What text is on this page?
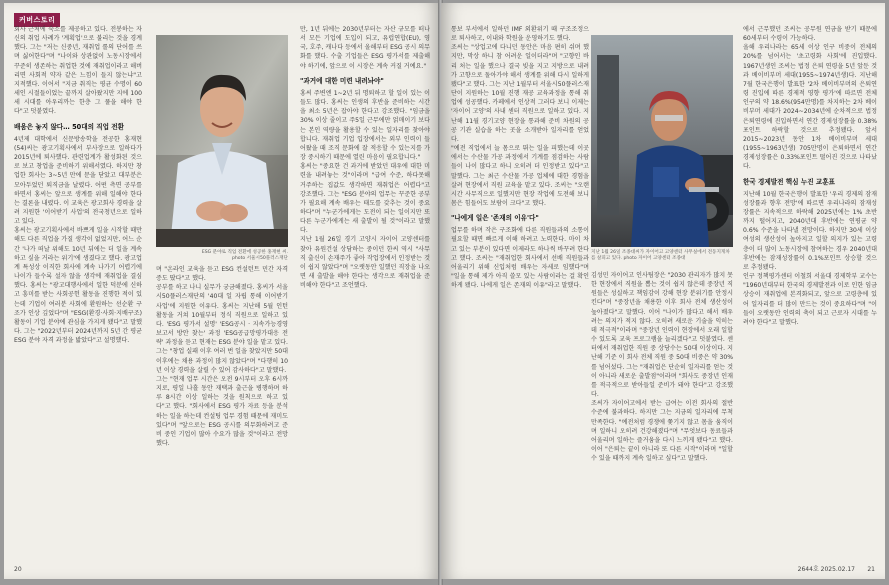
커버스토리

회사 근처에 숙소를 제공하고 있다. 전봉하는 자신의 취업 사례가 '계획업'으로 불리는 것을 경계했다. 그는 "저는 신중년, 재취업 롤의 단어를 쓰며 싫어한다"며 "나이와 상관없이 노동시장에서 꾸준히 생존하는 취업한 것에 재취업이라고 해버리면 사회적 약자 같은 느낌이 들지 않는냐"고 지적했다. 이어서 "지금 취직는 평균 수명이 60세인 시절들이었는 끝까지 살아왔지만 지에 100세 시대를 아우리까는 한층 그 풀을 해야 한다"고 덧붙였다.

배움은 놓지 않다… 50대의 직업 전환

4년제 대학에서 신문방송학을 전공한 홍재현(54)씨는 광고기획사에서 부사장으로 일하다가 2015년에 퇴사했다. 관련업계가 활성화된 것으로 보고 창업을 준비하기 위해서였다. 하지만 창업한 회사는 3~5년 만에 문을 닫았고 대부분은 모아두었던 퇴직금을 날렸다. 어떤 측면 공부를 하면서 홍씨는 앞으로 생계를 위해 일해야 한다는 결론을 내렸다. 이 교육은 광고회사 경력을 살려 지원한 '이어받기 사업'의 전국청년으로 일하고 있다.

홍씨는 광고기획사에서 바쁘게 일을 시작할 때만 해도 다른 직업을 가질 생각이 없었지만, 어느 순간 '나가 떠날 위해도 10년 뒤에는 더 일을 계속 하고 싶을 거라는 위기'에 생겼다고 했다. 광고업계 특성상 이직한 회사에 계속 나가기 어렵기에 나이가 들수록 설자 않을 생각에 재취업을 결심했다. 홍씨는 "광고대행사에서 일한 덕분에 신하고 흥미를 받는 사회공헌 활동을 진행한 적이 있는데 기업이 여러분 사회에 환원하는 선순환 구조가 인상 깊었다"며 "ESG(환경·사회·지배구조) 활동이 기업 분야에 관심을 가지게 됐다"고 말했다. 그는 "2022년부터 2024년까지 5년 간 평균 ESG 분야 자격 과정을 밟았다"고 설명했다.

ESG 분야로 직업 전환에 성공한 홍재현 씨.
photo 서울시50플러스재단

며 "온라인 교육을 듣고 ESG 컨설턴트 민간 자격증도 땄다"고 했다.

공부를 하고 나니 실무가 궁금해졌다. 홍씨가 서울시50플러스재단의 '40대 일 자립 통해 이어받기 사업'에 지원한 이유다. 홍씨는 지난해 5월 인턴 활동을 거쳐 10월부터 정식 직원으로 일하고 있다. 'ESG 평가서 설명' 'ESG공시 · 지속가능경영보고서 방안 찾는' 과정 'ESG공급망평가대응 전략' 과정을 듣고 현재는 ESG 분야 일을 맡고 있다. 그는 "창업 실패 이후 여러 번 일을 찾았지만 50대 이후에는 채용 과정이 많지 않았다"며 "다행히 10년 이상 경력을 살릴 수 있어 감사하다"고 말했다.

그는 "현재 업무 시간은 오전 9시부터 오후 6시까지로, 평일 나흘 동안 재택과 출근을 병행하며 하루 8시간 이상 일하는 것을 원칙으로 하고 있다"고 했다. "회사에서 ESG 평가 자료 등을 분석하는 일을 하는데 컨설팅 업무 경험 때문에 재미도 있다"며 "앞으로는 ESG 공시를 의무화하려고 준비 중인 기업이 많아 수요가 많을 것"이라고 전망했다.

만, 1년 뒤에는 2030년부터는 자산 규모를 떠나서 모든 기업에 도입이 되고, 유럽연합(EU), 영국, 호주, 캐나다 등에서 올해부터 ESG 공시 의무화를 했다. 수출 기업들은 ESG 평가서를 제출해야 하기에, 앞으로 이 시장은 계속 커질 거예요."

"과거에 대한 미련 내려놔야"

홍씨 주변엔 1~2년 뒤 명퇴하고 할 일이 있는 이들도 많다. 홍씨는 인생의 후반을 준비하는 시간을 최소 5년은 잡아야 한다고 강조했다. "임금을 30% 이상 줄이고 주5일 근무에만 얽매이기 보다는 본인 역량을 활용할 수 있는 일자리를 찾아야 합니다. 재취업 기업 입장에서는 외부 인력이 들어왔을 때 조직 문화에 잘 적응할 수 있는지를 가장 중시하기 때문에 열린 마음이 필요합니다."

홍씨는 "중요한 건 과거에 받았던 대우에 대한 미련을 내려놓는 것"이라며 "급여 수준, 하다못해 거주하는 집값도 생각하면 재취업은 어렵다"고 강조했다. 그는 "ESG 분야의 업무는 꾸준한 공부가 필요해 계속 배우는 태도를 갖추는 것이 중요하다"며 "누군가에게는 도전이 되는 일이지만 또 다른 누군가에게는 새 출발이 될 것"이라고 말했다.

지난 1월 26일 경기 고양시 자이어 고양센터를 찾아 유원건설 상담하는 중이던 한씨 역시 "사무직 출신이 손재주가 좋아 작업장에서 인정받는 것이 쉽지 않았다"며 "오랫동안 일했던 직장을 나오면 새 출발을 해야 한다는 생각으로 재취업을 준비해야 한다"고 조언했다.

20

통보 부서에서 일하던 IMF 외환위기 때 구조조정으로 퇴사하고, 이내와 학원을 운영하기도 했다.

조씨는 "상업고에 다니던 동안은 마음 편히 쉬며 했지만, 막상 하니 참 어려운 일이더라"며 "고향인 바리 처는 일을 했으나 결국 빚을 지고 지방으로 내려가 고향으로 돌아가야 해서 생계를 위해 다시 일하게 됐다"고 했다. 그는 지난 1월부터 서울시50플러스재단이 지원하는 10월 진행 재공 교육과정을 통해 취업에 성공했다. 카페에서 인상적 그러다 보니 이제는 '자이어 고양'의 사내 센터 직원으로 일하고 있다. 지난해 11월 경기고양 현장을 통과해 준비 차원의 공공 기관 실습을 하는 곳을 소개받아 일자리를 얻었다.

"예전 직업에서 늘 몸으로 뛰는 일을 피했는데 이곳에서는 수산물 가공 과정에서 기계를 점검하는 사람들이 나이 많다고 하니 오히려 더 인정받고 있다"고 말했다. 그는 최근 수산물 가공 업체에 대한 경험을 살려 현장에서 직원 교육을 맡고 있다. 조씨는 "오랜 시간 사무직으로 일했지만 현장 작업에 도전해 보니 몸은 힘들어도 보람이 크다"고 했다.

"나에게 일은 '존재의 이유'다"

업무를 하며 작은 구조화에 다른 직원들과의 소통이 필요할 때면 빠르게 이해 하려고 노력한다. 마이 차고 있는 부분이 있다면 이제라도 하나씩 바꾸려 한다고 했다. 조씨는 "재취업한 회사에서 선배 직원들과 어울리기 위해 신입처럼 배우는 자세로 임했다"며 "일을 통해 제가 아직 쓸모 있는 사람이라는 걸 확인하게 됐다. 나에게 일은 존재의 이유"라고 말했다.

지난 1월 26일 조종대씨가 자이어고 고양센터 사무실에서 전동지게차를 살피고 있다. photo 자이어 고양센터 조종대

김성민 자이어고 인사팀장은 "2030 관리자가 많지 못한 현장에서 직원을 뽑는 것이 쉽지 않은데 중장년 직원들은 성실하고 책임감이 강해 현장 분위기를 안정시킨다"며 "중장년을 채용한 이후 회사 전체 생산성이 높아졌다"고 말했다. 이어 "나이가 많다고 해서 배우려는 의지가 적지 않다. 오히려 새로운 기술을 익히는 데 적극적"이라며 "중장년 인력이 현장에서 오래 일할 수 있도록 교육 프로그램을 늘리겠다"고 덧붙였다. 센터에서 재취업한 직원 중 상당수는 50대 이상이다. 지난해 기준 이 회사 전체 직원 중 50대 비중은 약 30%를 넘어섰다. 그는 "재취업은 단순히 일자리를 얻는 것이 아니라 새로운 출발점"이라며 "회사도 중장년 인재를 적극적으로 받아들일 준비가 돼야 한다"고 강조했다.

조씨가 자이어고에서 받는 급여는 이전 회사의 절반 수준에 불과하다. 하지만 그는 지금의 일자리에 무척 만족한다. "예전처럼 경쟁에 쫓기지 않고 몸을 움직이며 일하니 오히려 건강해졌다"며 "무엇보다 동료들과 어울리며 일하는 즐거움을 다시 느끼게 됐다"고 했다. 이어 "은퇴는 끝이 아니라 또 다른 시작"이라며 "일할 수 있을 때까지 계속 일하고 싶다"고 말했다.

에서 근무했던 조씨는 공무원 연금을 받기 때문에 60세부터 수령이 가능하다.

올해 우리나라는 65세 이상 인구 비중이 전체의 20%를 넘어서는 '초고령화 사회'에 진입했다. 1967년생인 조씨는 법정 은퇴 연령을 5년 앞둔 것과 베이비부머 세대(1955~1974년생)다. 지난해 7월 한국은행이 발표한 '2차 베이비부머의 은퇴연령 진입에 따른 경제적 영향 평가'에 따르면 전체 인구의 약 18.6%(954만명)를 차지하는 2차 베이비부머 세대가 2024~2034년에 순차적으로 법정 은퇴연령에 진입하면서 연간 경제성장률을 0.38%포인트 하락할 것으로 추정됐다. 앞서 2015~2023년 동안 1차 베이비부머 세대(1955~1963년생) 705만명이 은퇴하면서 연간 경제성장률은 0.33%포인트 떨어진 것으로 나타났다.

한국 경제발전 핵심 누진 교훈표

지난해 10월 한국은행이 발표한 '우리 경제의 잠재성장률과 향후 전망'에 따르면 우리나라의 잠재성장률은 지속적으로 하락해 2025년에는 1% 초반까지 떨어지고, 2040년대 후반에는 연평균 약 0.6% 수준을 나타낼 전망이다. 하지만 30세 이상 여성의 생산성이 높아지고 일할 의지가 있는 고령층이 더 많이 노동시장에 참여하는 경우 2040년대 후반에는 잠재성장률이 0.1%포인트 상승할 것으로 추정됐다.

인구 정책평가센터 이철희 서울대 경제학부 교수는 "1960년대부터 한국의 경제발전과 이로 인한 임금 상승이 재취업에 본격화되고, 앞으로 고령층에 있어 일자리를 더 많이 만드는 것이 중요하다"며 "이 들이 오랫동안 인력의 축이 되고 근로자 시대를 누려야 한다"고 말했다.

2644호 2025.02.17 21
